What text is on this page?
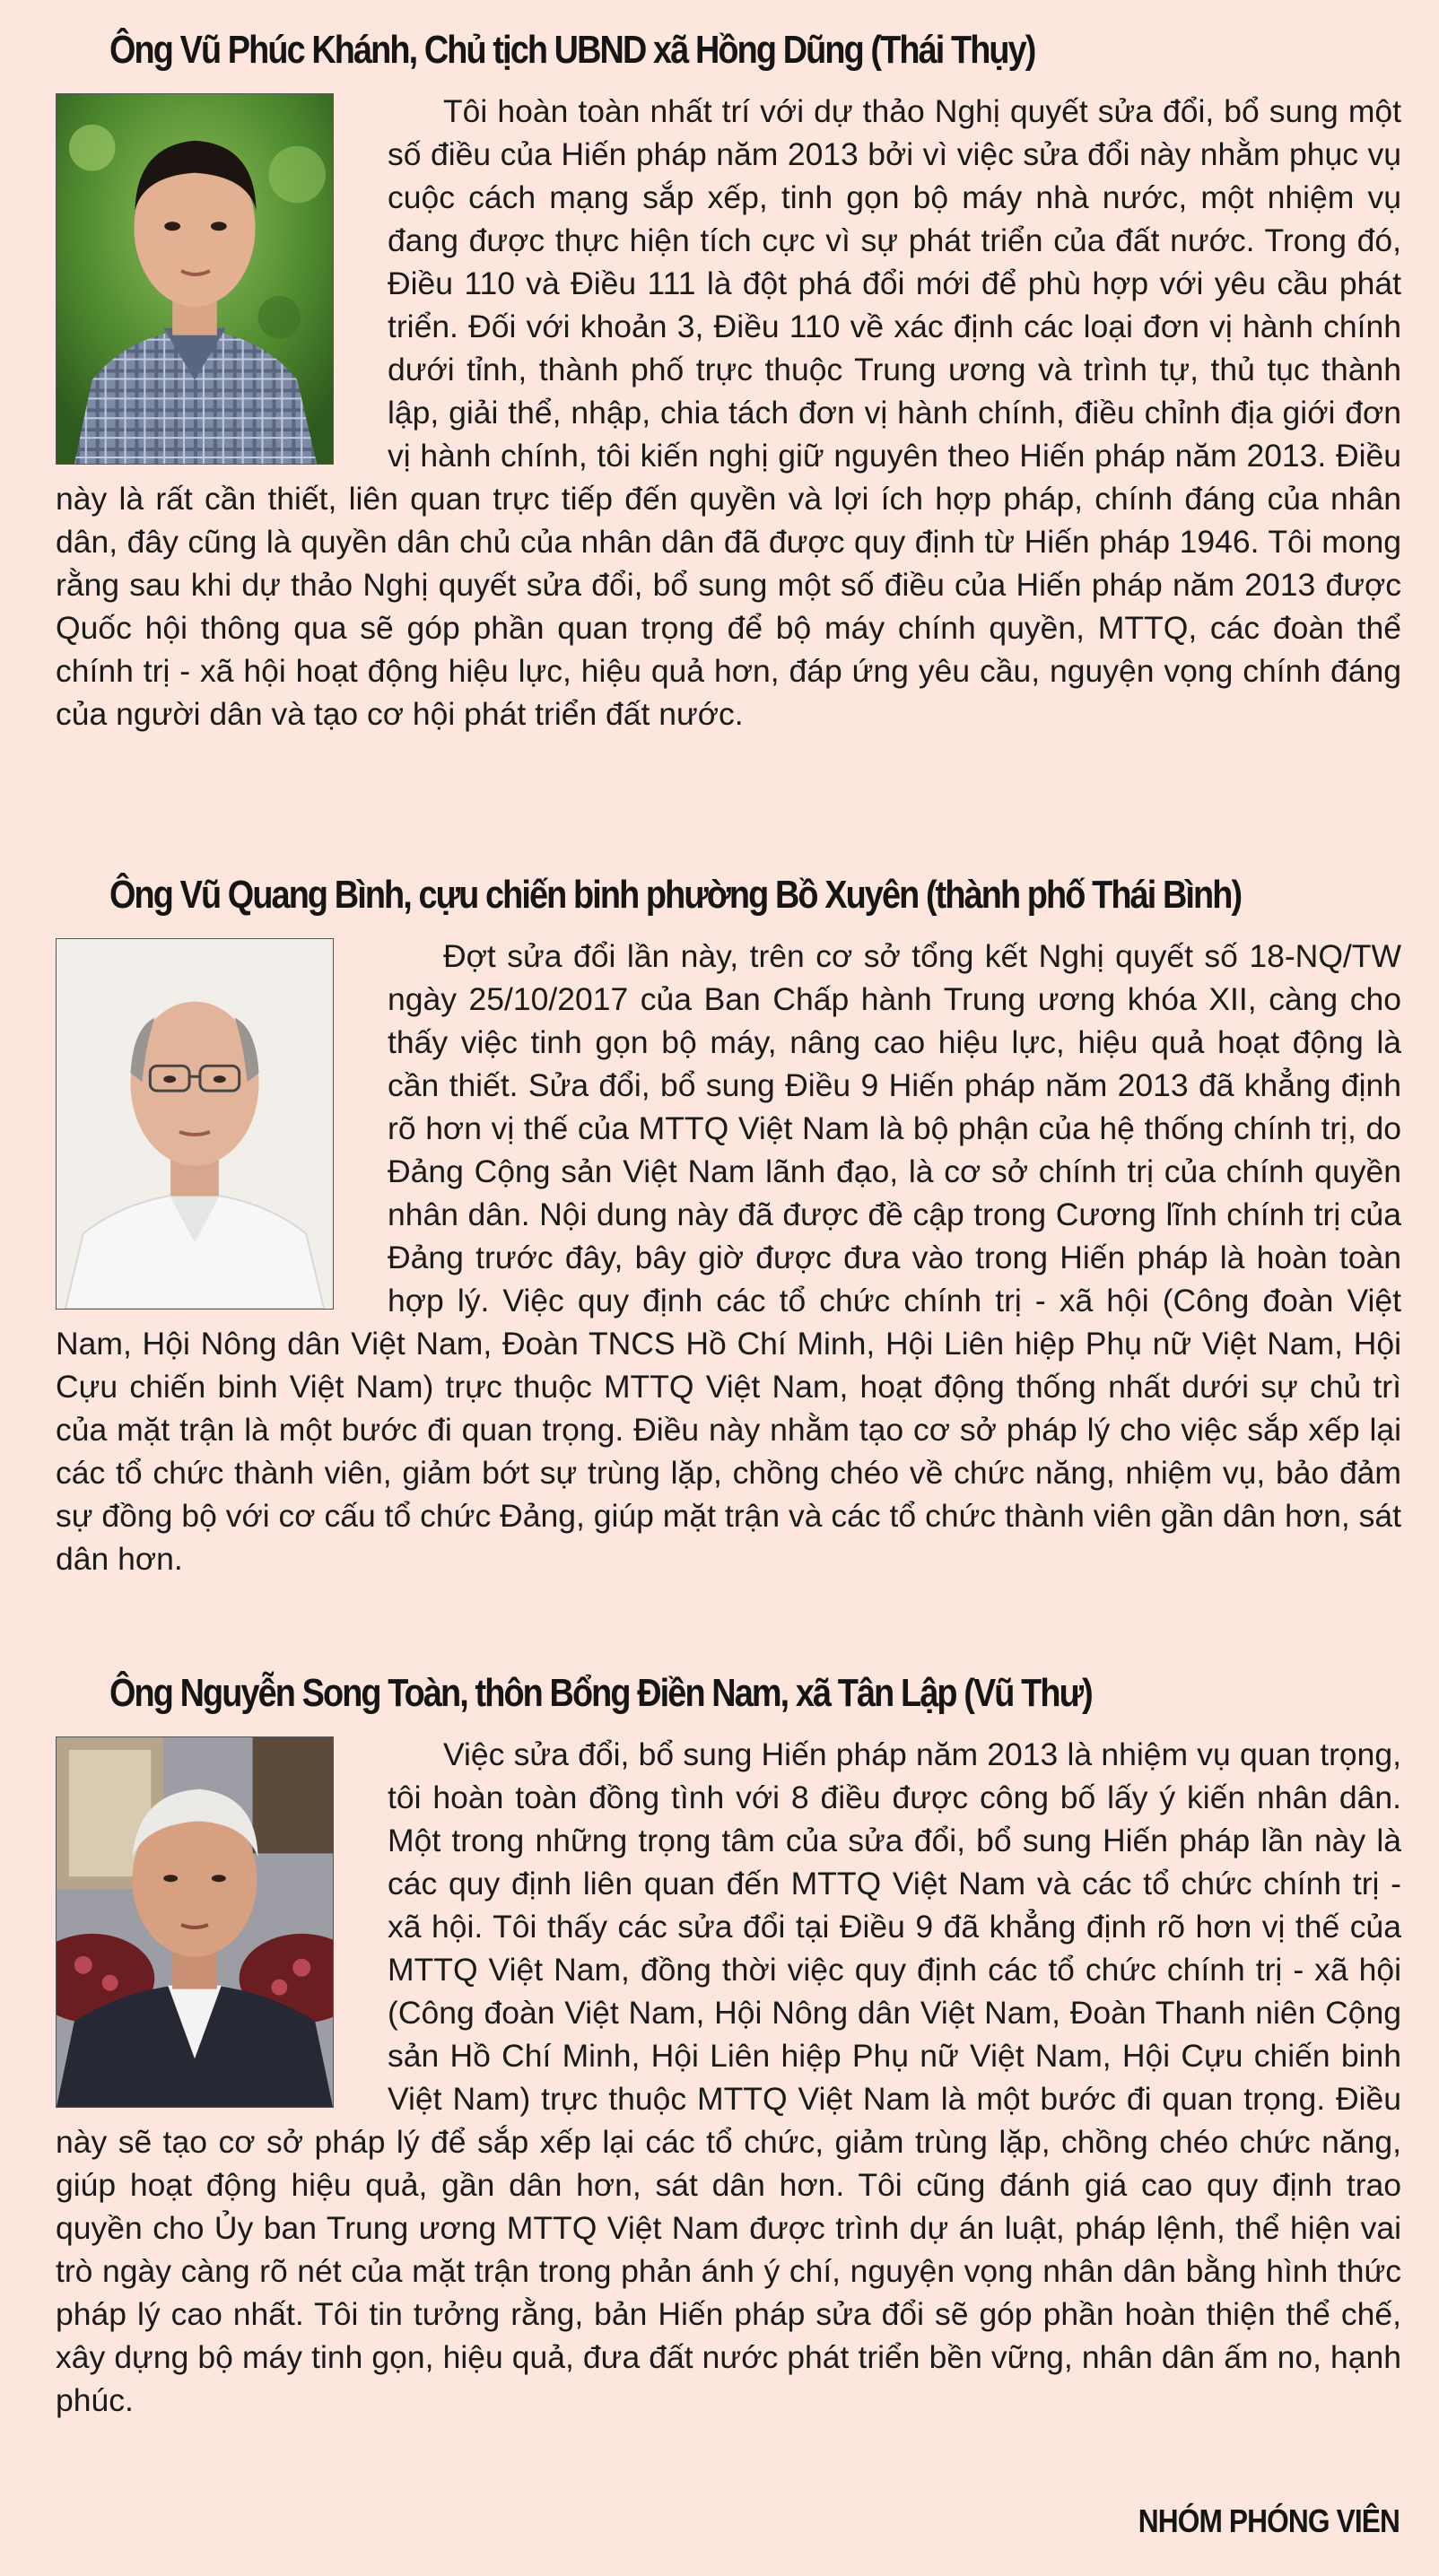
Ông Vũ Phúc Khánh, Chủ tịch UBND xã Hồng Dũng (Thái Thụy)
Tôi hoàn toàn nhất trí với dự thảo Nghị quyết sửa đổi, bổ sung một số điều của Hiến pháp năm 2013 bởi vì việc sửa đổi này nhằm phục vụ cuộc cách mạng sắp xếp, tinh gọn bộ máy nhà nước, một nhiệm vụ đang được thực hiện tích cực vì sự phát triển của đất nước. Trong đó, Điều 110 và Điều 111 là đột phá đổi mới để phù hợp với yêu cầu phát triển. Đối với khoản 3, Điều 110 về xác định các loại đơn vị hành chính dưới tỉnh, thành phố trực thuộc Trung ương và trình tự, thủ tục thành lập, giải thể, nhập, chia tách đơn vị hành chính, điều chỉnh địa giới đơn vị hành chính, tôi kiến nghị giữ nguyên theo Hiến pháp năm 2013. Điều này là rất cần thiết, liên quan trực tiếp đến quyền và lợi ích hợp pháp, chính đáng của nhân dân, đây cũng là quyền dân chủ của nhân dân đã được quy định từ Hiến pháp 1946. Tôi mong rằng sau khi dự thảo Nghị quyết sửa đổi, bổ sung một số điều của Hiến pháp năm 2013 được Quốc hội thông qua sẽ góp phần quan trọng để bộ máy chính quyền, MTTQ, các đoàn thể chính trị - xã hội hoạt động hiệu lực, hiệu quả hơn, đáp ứng yêu cầu, nguyện vọng chính đáng của người dân và tạo cơ hội phát triển đất nước.
Ông Vũ Quang Bình, cựu chiến binh phường Bồ Xuyên (thành phố Thái Bình)
Đợt sửa đổi lần này, trên cơ sở tổng kết Nghị quyết số 18-NQ/TW ngày 25/10/2017 của Ban Chấp hành Trung ương khóa XII, càng cho thấy việc tinh gọn bộ máy, nâng cao hiệu lực, hiệu quả hoạt động là cần thiết. Sửa đổi, bổ sung Điều 9 Hiến pháp năm 2013 đã khẳng định rõ hơn vị thế của MTTQ Việt Nam là bộ phận của hệ thống chính trị, do Đảng Cộng sản Việt Nam lãnh đạo, là cơ sở chính trị của chính quyền nhân dân. Nội dung này đã được đề cập trong Cương lĩnh chính trị của Đảng trước đây, bây giờ được đưa vào trong Hiến pháp là hoàn toàn hợp lý. Việc quy định các tổ chức chính trị - xã hội (Công đoàn Việt Nam, Hội Nông dân Việt Nam, Đoàn TNCS Hồ Chí Minh, Hội Liên hiệp Phụ nữ Việt Nam, Hội Cựu chiến binh Việt Nam) trực thuộc MTTQ Việt Nam, hoạt động thống nhất dưới sự chủ trì của mặt trận là một bước đi quan trọng. Điều này nhằm tạo cơ sở pháp lý cho việc sắp xếp lại các tổ chức thành viên, giảm bớt sự trùng lặp, chồng chéo về chức năng, nhiệm vụ, bảo đảm sự đồng bộ với cơ cấu tổ chức Đảng, giúp mặt trận và các tổ chức thành viên gần dân hơn, sát dân hơn.
Ông Nguyễn Song Toàn, thôn Bổng Điền Nam, xã Tân Lập (Vũ Thư)
Việc sửa đổi, bổ sung Hiến pháp năm 2013 là nhiệm vụ quan trọng, tôi hoàn toàn đồng tình với 8 điều được công bố lấy ý kiến nhân dân. Một trong những trọng tâm của sửa đổi, bổ sung Hiến pháp lần này là các quy định liên quan đến MTTQ Việt Nam và các tổ chức chính trị - xã hội. Tôi thấy các sửa đổi tại Điều 9 đã khẳng định rõ hơn vị thế của MTTQ Việt Nam, đồng thời việc quy định các tổ chức chính trị - xã hội (Công đoàn Việt Nam, Hội Nông dân Việt Nam, Đoàn Thanh niên Cộng sản Hồ Chí Minh, Hội Liên hiệp Phụ nữ Việt Nam, Hội Cựu chiến binh Việt Nam) trực thuộc MTTQ Việt Nam là một bước đi quan trọng. Điều này sẽ tạo cơ sở pháp lý để sắp xếp lại các tổ chức, giảm trùng lặp, chồng chéo chức năng, giúp hoạt động hiệu quả, gần dân hơn, sát dân hơn. Tôi cũng đánh giá cao quy định trao quyền cho Ủy ban Trung ương MTTQ Việt Nam được trình dự án luật, pháp lệnh, thể hiện vai trò ngày càng rõ nét của mặt trận trong phản ánh ý chí, nguyện vọng nhân dân bằng hình thức pháp lý cao nhất. Tôi tin tưởng rằng, bản Hiến pháp sửa đổi sẽ góp phần hoàn thiện thể chế, xây dựng bộ máy tinh gọn, hiệu quả, đưa đất nước phát triển bền vững, nhân dân ấm no, hạnh phúc.
NHÓM PHÓNG VIÊN
